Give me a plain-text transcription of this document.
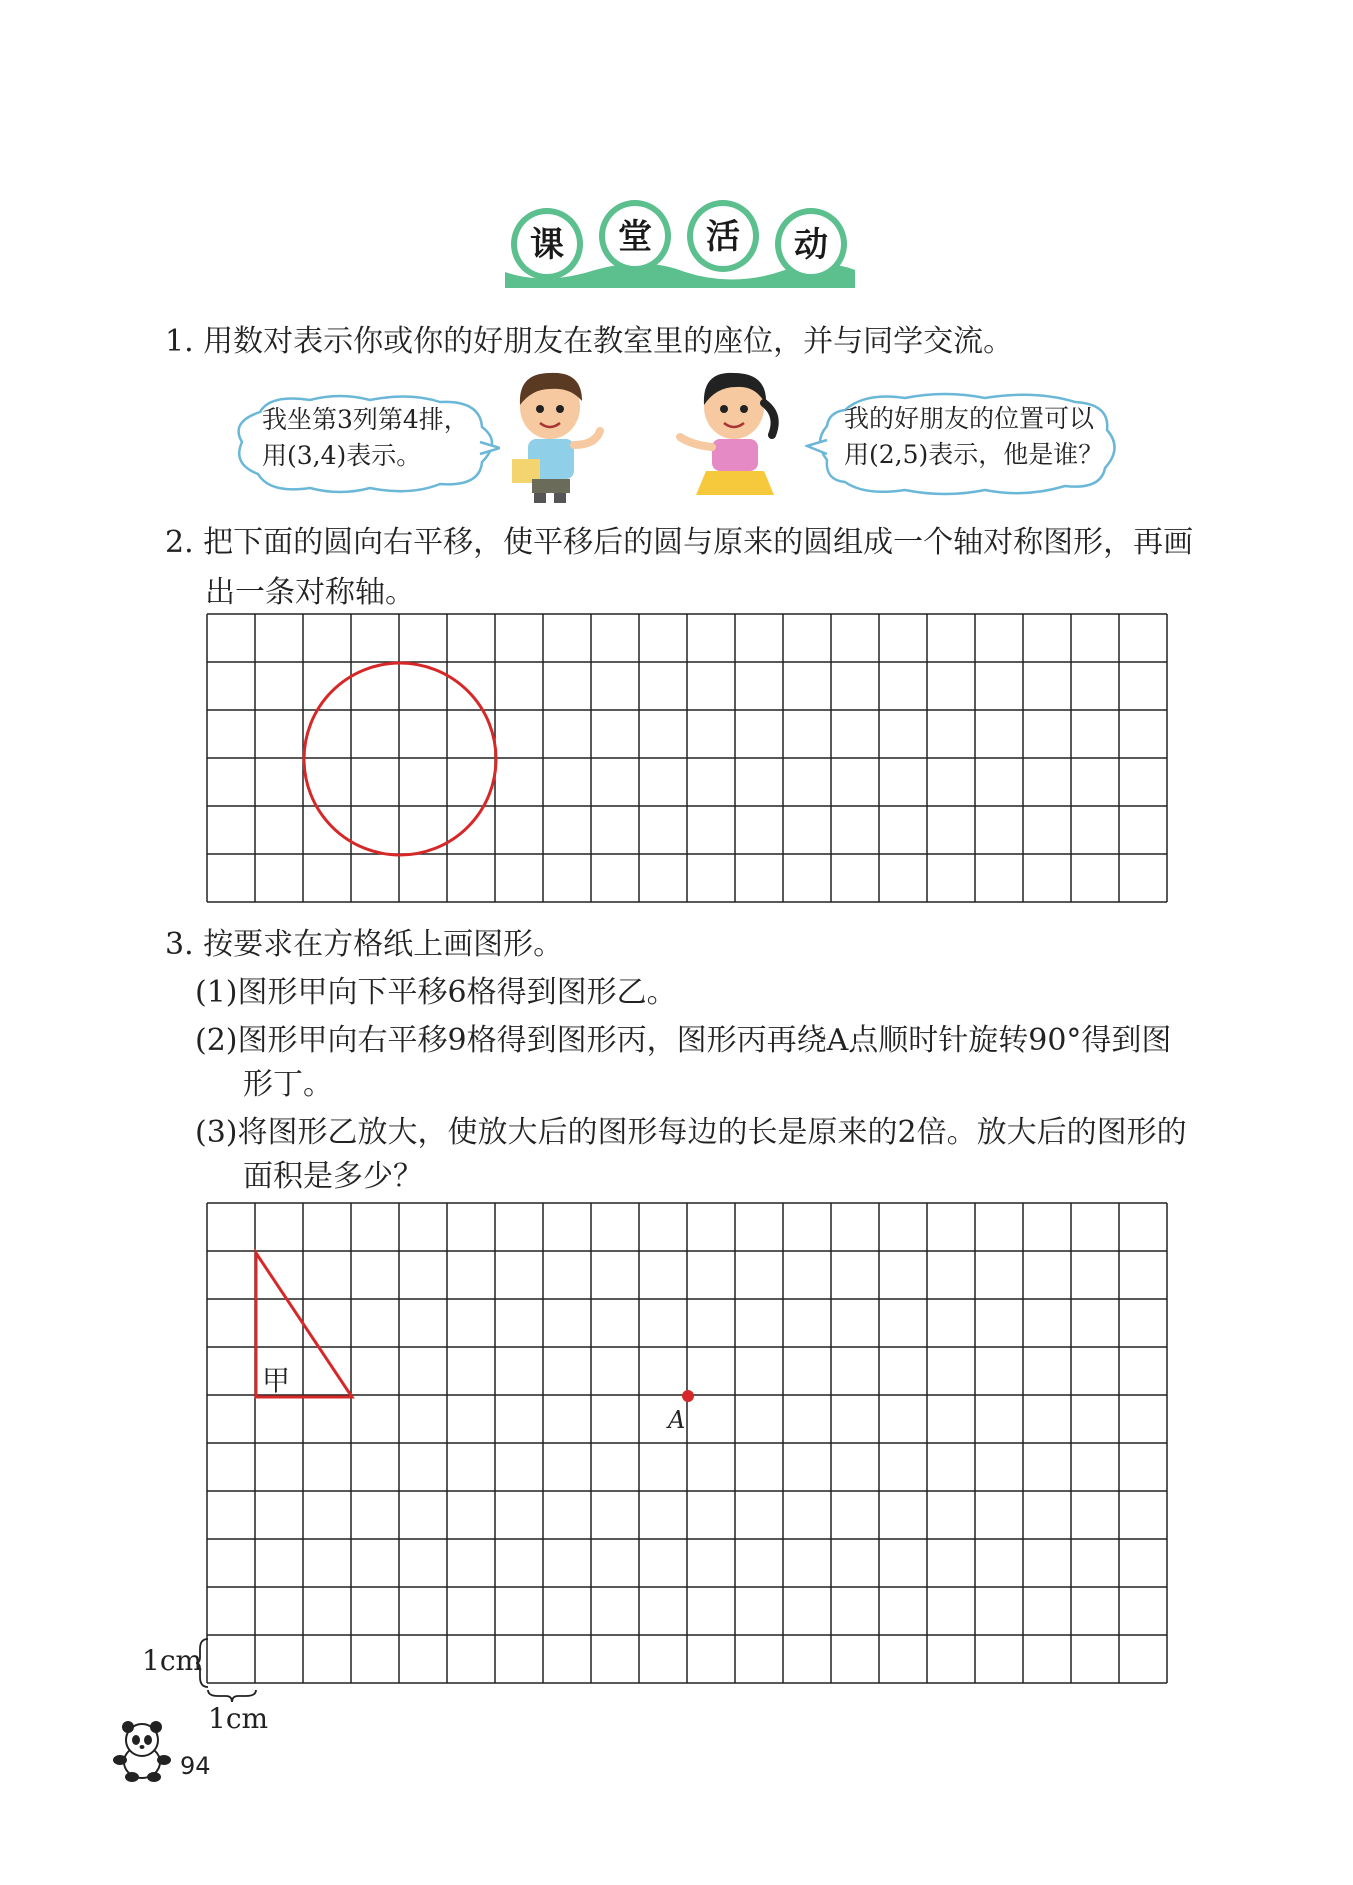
课 堂 活 动
1. 用数对表示你或你的好朋友在教室里的座位，并与同学交流。
我坐第3列第4排，
用(3,4)表示。
我的好朋友的位置可以
用(2,5)表示，他是谁？
2. 把下面的圆向右平移，使平移后的圆与原来的圆组成一个轴对称图形，再画
出一条对称轴。
3. 按要求在方格纸上画图形。
(1)图形甲向下平移6格得到图形乙。
(2)图形甲向右平移9格得到图形丙，图形丙再绕A点顺时针旋转90°得到图
形丁。
(3)将图形乙放大，使放大后的图形每边的长是原来的2倍。放大后的图形的
面积是多少？
甲
A
1cm
1cm
94
